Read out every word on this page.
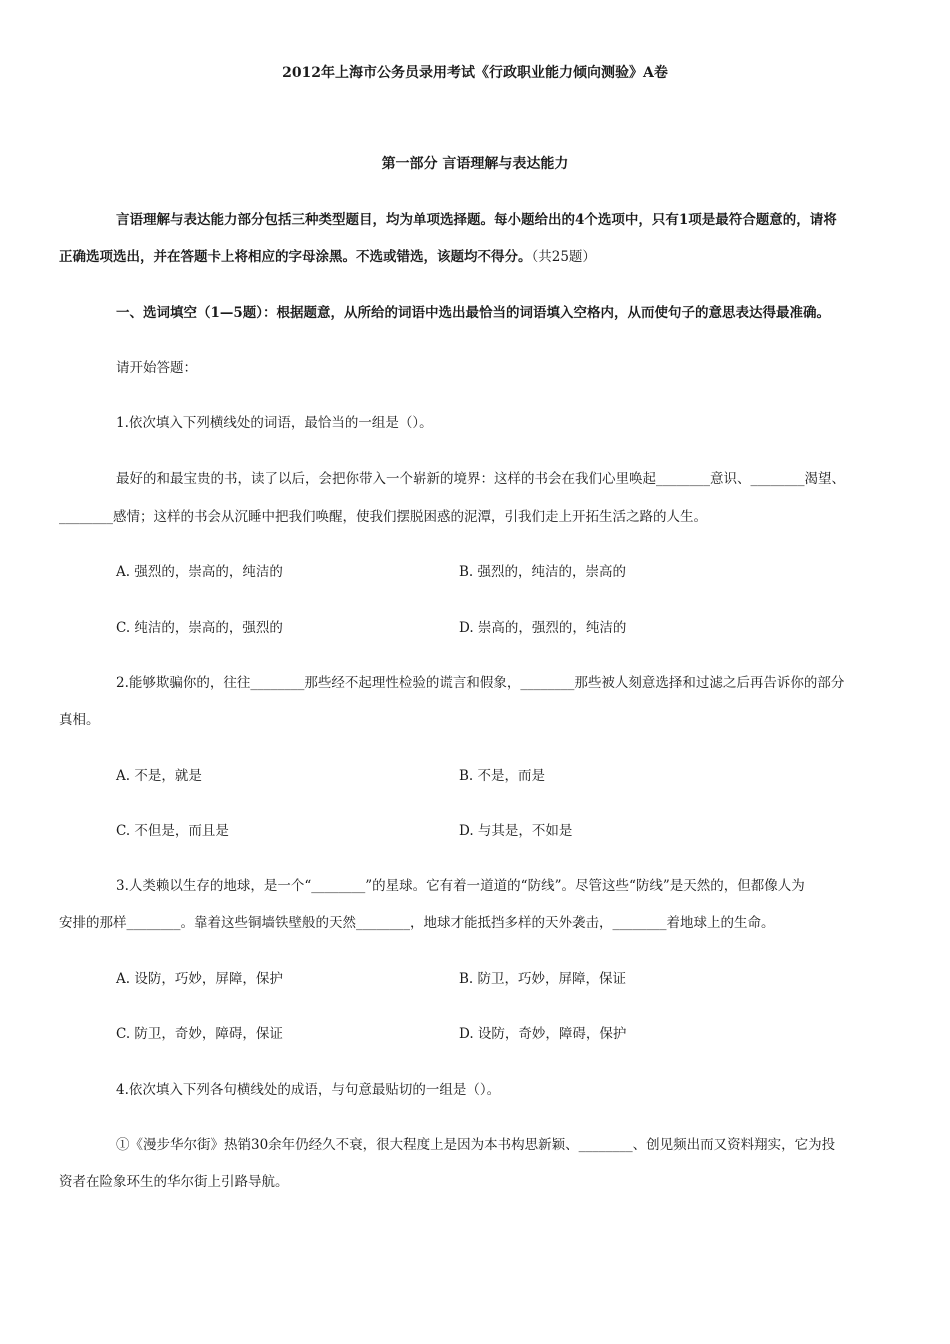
2012年上海市公务员录用考试《行政职业能力倾向测验》A卷
第一部分 言语理解与表达能力
言语理解与表达能力部分包括三种类型题目，均为单项选择题。每小题给出的4个选项中，只有1项是最符合题意的，请将
正确选项选出，并在答题卡上将相应的字母涂黑。不选或错选，该题均不得分。（共25题）
一、选词填空（1—5题）：根据题意，从所给的词语中选出最恰当的词语填入空格内，从而使句子的意思表达得最准确。
请开始答题：
1.依次填入下列横线处的词语，最恰当的一组是（）。
最好的和最宝贵的书，读了以后，会把你带入一个崭新的境界：这样的书会在我们心里唤起________意识、________渴望、
________感情；这样的书会从沉睡中把我们唤醒，使我们摆脱困惑的泥潭，引我们走上开拓生活之路的人生。
A. 强烈的，崇高的，纯洁的	B. 强烈的，纯洁的，崇高的
C. 纯洁的，崇高的，强烈的	D. 崇高的，强烈的，纯洁的
2.能够欺骗你的，往往________那些经不起理性检验的谎言和假象，________那些被人刻意选择和过滤之后再告诉你的部分
真相。
A. 不是，就是	B. 不是，而是
C. 不但是，而且是	D. 与其是，不如是
3.人类赖以生存的地球，是一个“________”的星球。它有着一道道的“防线”。尽管这些“防线”是天然的，但都像人为
安排的那样________。靠着这些铜墙铁壁般的天然________，地球才能抵挡多样的天外袭击，________着地球上的生命。
A. 设防，巧妙，屏障，保护	B. 防卫，巧妙，屏障，保证
C. 防卫，奇妙，障碍，保证	D. 设防，奇妙，障碍，保护
4.依次填入下列各句横线处的成语，与句意最贴切的一组是（）。
①《漫步华尔街》热销30余年仍经久不衰，很大程度上是因为本书构思新颖、________、创见频出而又资料翔实，它为投
资者在险象环生的华尔街上引路导航。
